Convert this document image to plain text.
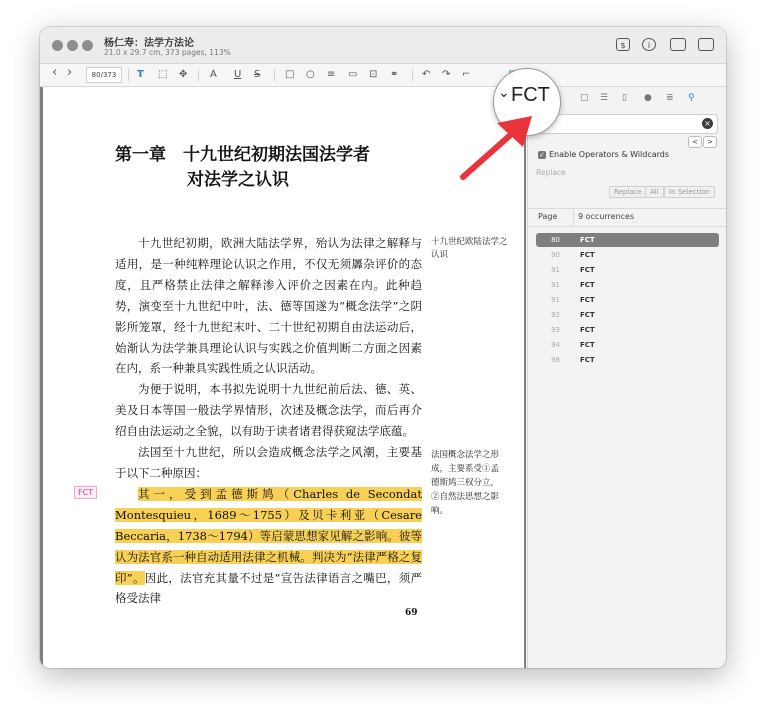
杨仁寿：法学方法论
21.0 x 29.7 cm, 373 pages, 113%
$	i
‹ ›	80/373	T ⬚ ✥ A U S □ ○ ≡ ▭ ⊡ ⚭ ↶ ↷ ⌐
第一章　十九世纪初期法国法学者
对法学之认识

十九世纪初期，欧洲大陆法学界，殆认为法律之解释与适用，是一种纯粹理论认识之作用，不仅无须羼杂评价的态度，且严格禁止法律之解释渗入评价之因素在内。此种趋势，演变至十九世纪中叶，法、德等国遂为“概念法学”之阴影所笼罩，经十九世纪末叶、二十世纪初期自由法运动后，始渐认为法学兼具理论认识与实践之价值判断二方面之因素在内，系一种兼具实践性质之认识活动。

为便于说明，本书拟先说明十九世纪前后法、德、英、美及日本等国一般法学界情形，次述及概念法学，而后再介绍自由法运动之全貌，以有助于读者诸君得获窥法学底蕴。

法国至十九世纪，所以会造成概念法学之风潮，主要基于以下二种原因：

其一，受到孟德斯鸠（Charles de Secondat Montesquieu，1689～1755）及贝卡利亚（Cesare Beccaria，1738～1794）等启蒙思想家见解之影响。彼等认为法官系一种自动适用法律之机械。判决为“法律严格之复印”。因此，法官充其量不过是“宣告法律语言之嘴巴，须严格受法律

十九世纪欧陆法学之认识
法国概念法学之形成，主要系受①孟德斯鸠三权分立，②自然法思想之影响。
FCT
69
▢ ☰ ▯ ● ≣ ⚲
×
<	>
✓ Enable Operators & Wildcards
Replace
Replace	All	In Selection
Page	9 occurrences
80	FCT
90	FCT
91	FCT
91	FCT
91	FCT
92	FCT
93	FCT
94	FCT
98	FCT
⌄ FCT
